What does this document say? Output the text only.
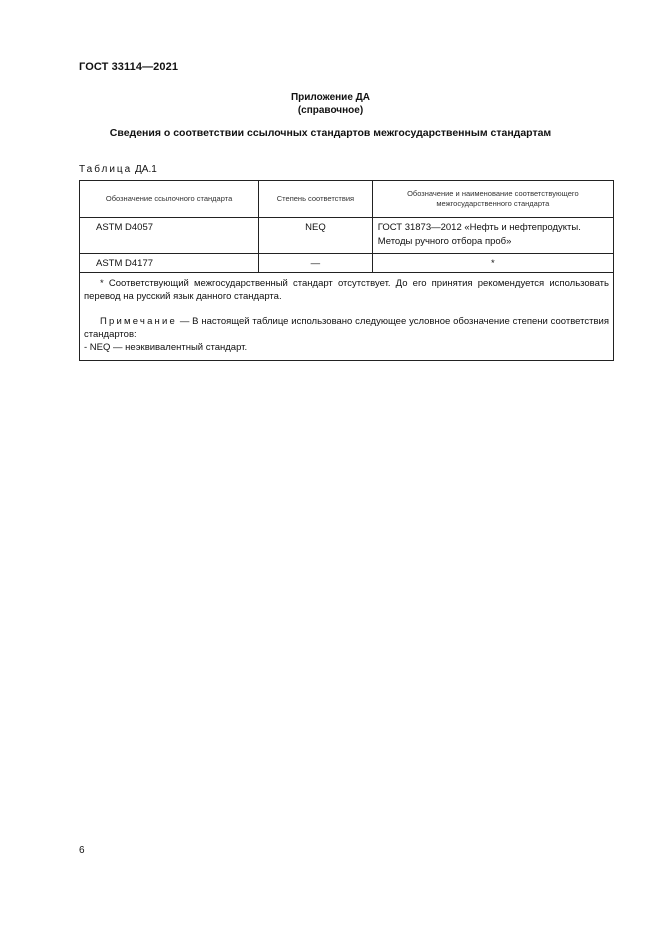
ГОСТ 33114—2021
Приложение ДА
(справочное)
Сведения о соответствии ссылочных стандартов межгосударственным стандартам
Таблица ДА.1
Обозначение ссылочного стандарта	Степень соответствия	Обозначение и наименование соответствующего межгосударственного стандарта
ASTM D4057	NEQ	ГОСТ 31873—2012 «Нефть и нефтепродукты. Методы ручного отбора проб»
ASTM D4177	—	*

* Соответствующий межгосударственный стандарт отсутствует. До его принятия рекомендуется использовать перевод на русский язык данного стандарта.

Примечание — В настоящей таблице использовано следующее условное обозначение степени соответствия стандартов:

- NEQ — неэквивалентный стандарт.		

6
